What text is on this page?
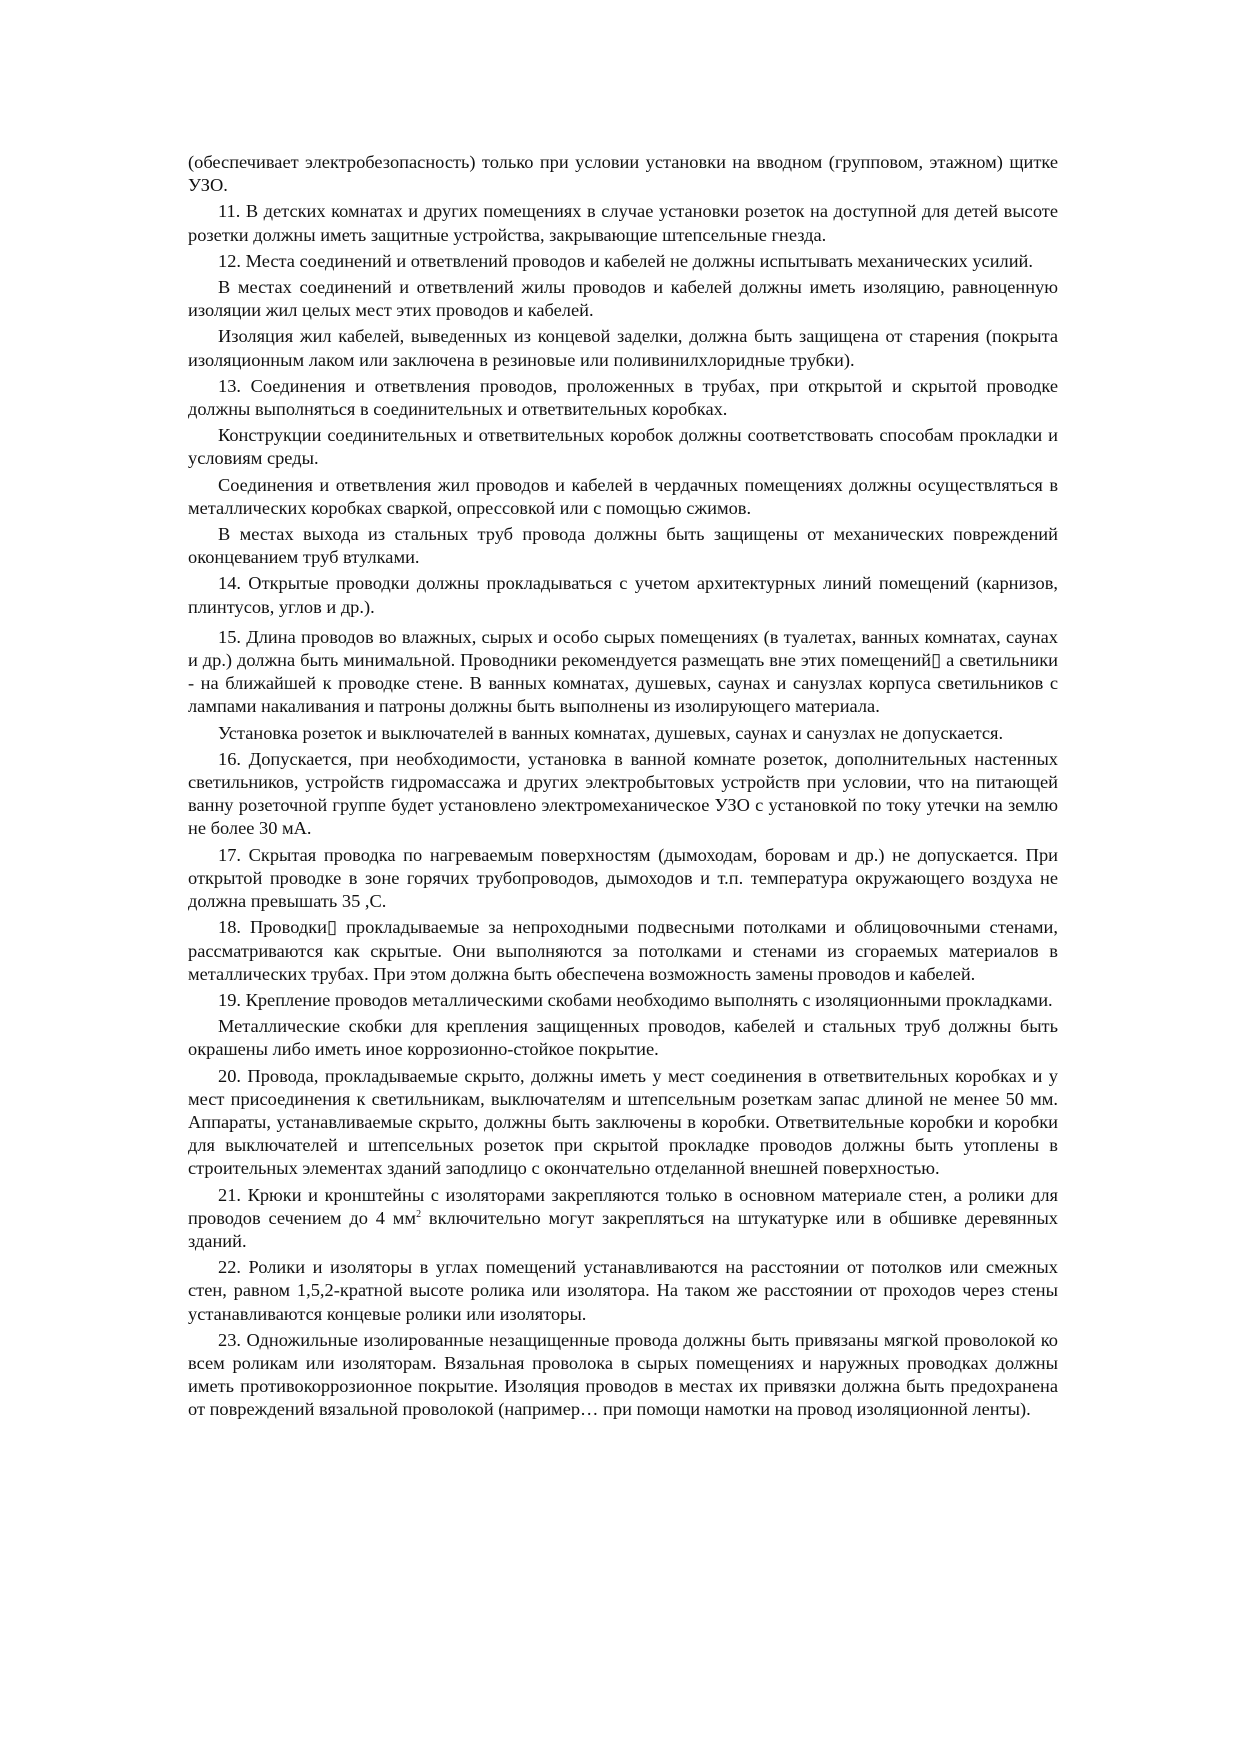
(обеспечивает электробезопасность) только при условии установки на вводном (групповом, этажном) щитке УЗО.

11. В детских комнатах и других помещениях в случае установки розеток на доступной для детей высоте розетки должны иметь защитные устройства, закрывающие штепсельные гнезда.

12. Места соединений и ответвлений проводов и кабелей не должны испытывать механических усилий.

В местах соединений и ответвлений жилы проводов и кабелей должны иметь изоляцию, равноценную изоляции жил целых мест этих проводов и кабелей.

Изоляция жил кабелей, выведенных из концевой заделки, должна быть защищена от старения (покрыта изоляционным лаком или заключена в резиновые или поливинилхлоридные трубки).

13. Соединения и ответвления проводов, проложенных в трубах, при открытой и скрытой проводке должны выполняться в соединительных и ответвительных коробках.

Конструкции соединительных и ответвительных коробок должны соответствовать способам прокладки и условиям среды.

Соединения и ответвления жил проводов и кабелей в чердачных помещениях должны осуществляться в металлических коробках сваркой, опрессовкой или с помощью сжимов.

В местах выхода из стальных труб провода должны быть защищены от механических повреждений оконцеванием труб втулками.

14. Открытые проводки должны прокладываться с учетом архитектурных линий помещений (карнизов, плинтусов, углов и др.).

15. Длина проводов во влажных, сырых и особо сырых помещениях (в туалетах, ванных комнатах, саунах и др.) должна быть минимальной. Проводники рекомендуется размещать вне этих помещений▯ а светильники - на ближайшей к проводке стене. В ванных комнатах, душевых, саунах и санузлах корпуса светильников с лампами накаливания и патроны должны быть выполнены из изолирующего материала.

Установка розеток и выключателей в ванных комнатах, душевых, саунах и санузлах не допускается.

16. Допускается, при необходимости, установка в ванной комнате розеток, дополнительных настенных светильников, устройств гидромассажа и других электробытовых устройств при условии, что на питающей ванну розеточной группе будет установлено электромеханическое УЗО с установкой по току утечки на землю не более 30 мА.

17. Скрытая проводка по нагреваемым поверхностям (дымоходам, боровам и др.) не допускается. При открытой проводке в зоне горячих трубопроводов, дымоходов и т.п. температура окружающего воздуха не должна превышать 35 ,С.

18. Проводки▯ прокладываемые за непроходными подвесными потолками и облицовочными стенами, рассматриваются как скрытые. Они выполняются за потолками и стенами из сгораемых материалов в металлических трубах. При этом должна быть обеспечена возможность замены проводов и кабелей.

19. Крепление проводов металлическими скобами необходимо выполнять с изоляционными прокладками.

Металлические скобки для крепления защищенных проводов, кабелей и стальных труб должны быть окрашены либо иметь иное коррозионно-стойкое покрытие.

20. Провода, прокладываемые скрыто, должны иметь у мест соединения в ответвительных коробках и у мест присоединения к светильникам, выключателям и штепсельным розеткам запас длиной не менее 50 мм. Аппараты, устанавливаемые скрыто, должны быть заключены в коробки. Ответвительные коробки и коробки для выключателей и штепсельных розеток при скрытой прокладке проводов должны быть утоплены в строительных элементах зданий заподлицо с окончательно отделанной внешней поверхностью.

21. Крюки и кронштейны с изоляторами закрепляются только в основном материале стен, а ролики для проводов сечением до 4 $мм^2$ включительно могут закрепляться на штукатурке или в обшивке деревянных зданий.

22. Ролики и изоляторы в углах помещений устанавливаются на расстоянии от потолков или смежных стен, равном 1,5,2-кратной высоте ролика или изолятора. На таком же расстоянии от проходов через стены устанавливаются концевые ролики или изоляторы.

23. Одножильные изолированные незащищенные провода должны быть привязаны мягкой проволокой ко всем роликам или изоляторам. Вязальная проволока в сырых помещениях и наружных проводках должны иметь противокоррозионное покрытие. Изоляция проводов в местах их привязки должна быть предохранена от повреждений вязальной проволокой (например… при помощи намотки на провод изоляционной ленты).
